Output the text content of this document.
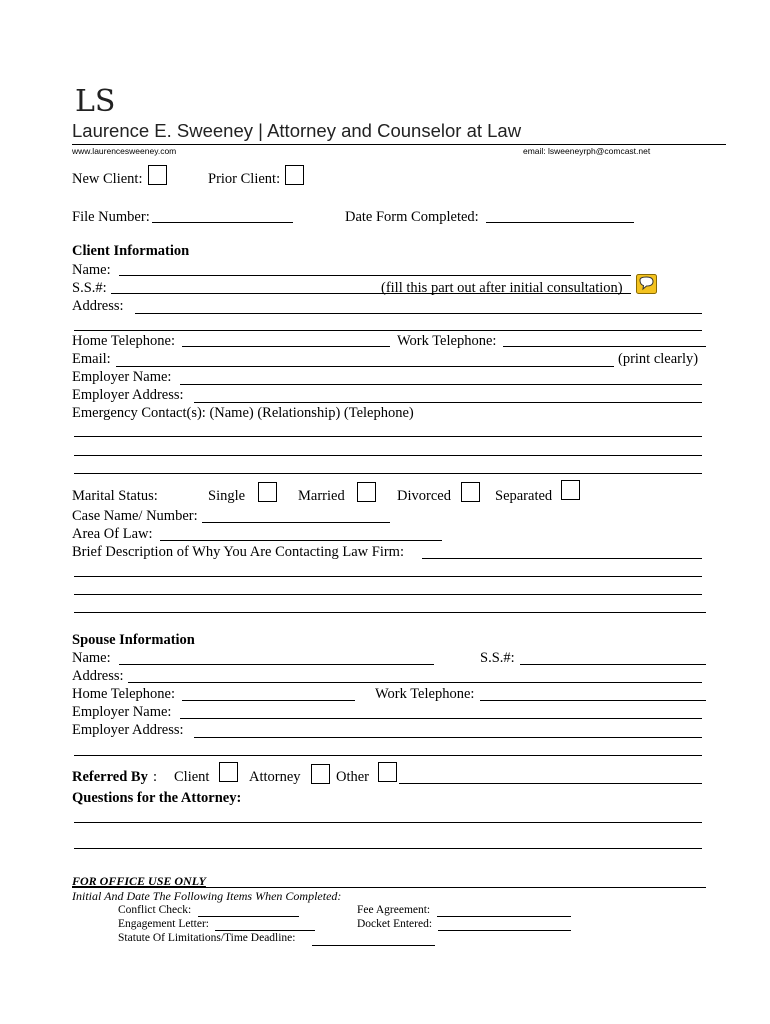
LS
Laurence E. Sweeney | Attorney and Counselor at Law
www.laurencesweeney.com	email: lsweeneyrph@comcast.net
New Client:	Prior Client:
File Number:	Date Form Completed:
Client Information
Name:
S.S.#:	(fill this part out after initial consultation)
Address:
Home Telephone:	Work Telephone:
Email:	(print clearly)
Employer Name:
Employer Address:
Emergency Contact(s): (Name) (Relationship) (Telephone)
Marital Status:	Single	Married	Divorced	Separated
Case Name/ Number:
Area Of Law:
Brief Description of Why You Are Contacting Law Firm:
Spouse Information
Name:	S.S.#:
Address:
Home Telephone:	Work Telephone:
Employer Name:
Employer Address:
Referred By : Client	Attorney Other
Questions for the Attorney:
FOR OFFICE USE ONLY
Initial And Date The Following Items When Completed:
Conflict Check:	Fee Agreement:
Engagement Letter:	Docket Entered:
Statute Of Limitations/Time Deadline:
